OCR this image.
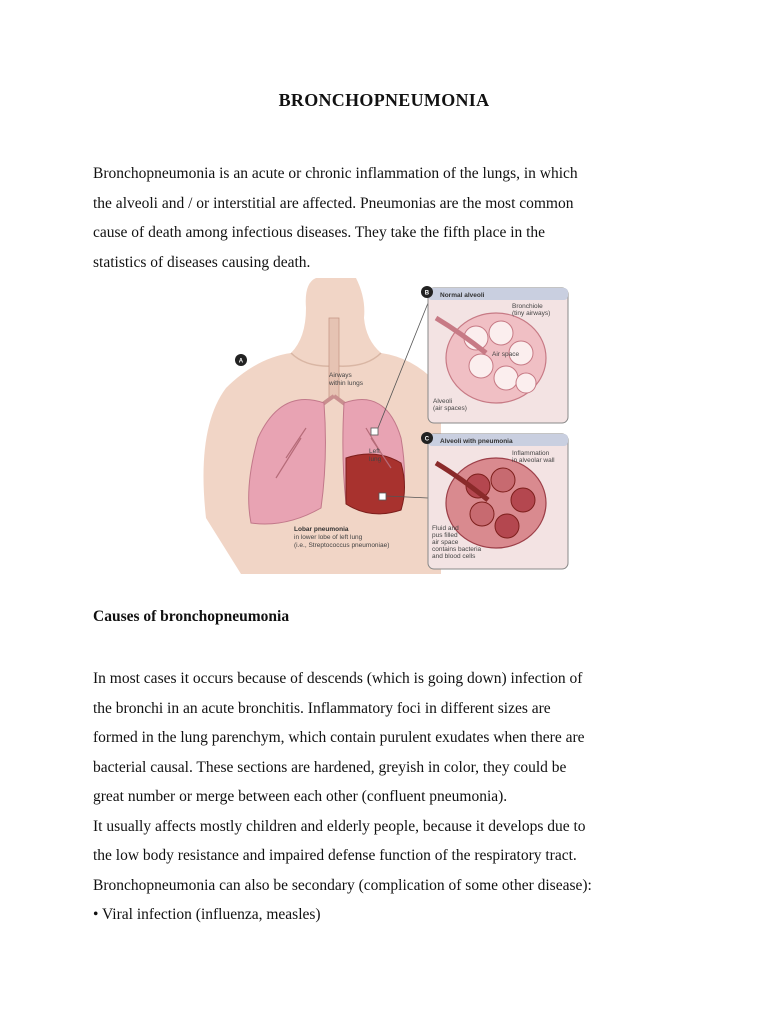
BRONCHOPNEUMONIA
Bronchopneumonia is an acute or chronic inflammation of the lungs, in which
the alveoli and / or interstitial are affected. Pneumonias are the most common
cause of death among infectious diseases. They take the fifth place in the
statistics of diseases causing death.
A
Airways
within lungs
Left
lung
Lobar pneumonia
in lower lobe of left lung
(i.e., Streptococcus pneumoniae)
Normal alveoli
B
Bronchiole
(tiny airways)
Air space
Alveoli
(air spaces)
Alveoli with pneumonia
C
Inflammation
in alveolar wall
Fluid and
pus filled
air space
contains bacteria
and blood cells
Causes of bronchopneumonia
In most cases it occurs because of descends (which is going down) infection of
the bronchi in an acute bronchitis. Inflammatory foci in different sizes are
formed in the lung parenchym, which contain purulent exudates when there are
bacterial causal. These sections are hardened, greyish in color, they could be
great number or merge between each other (confluent pneumonia).
It usually affects mostly children and elderly people, because it develops due to
the low body resistance and impaired defense function of the respiratory tract.
Bronchopneumonia can also be secondary (complication of some other disease):
• Viral infection (influenza, measles)
